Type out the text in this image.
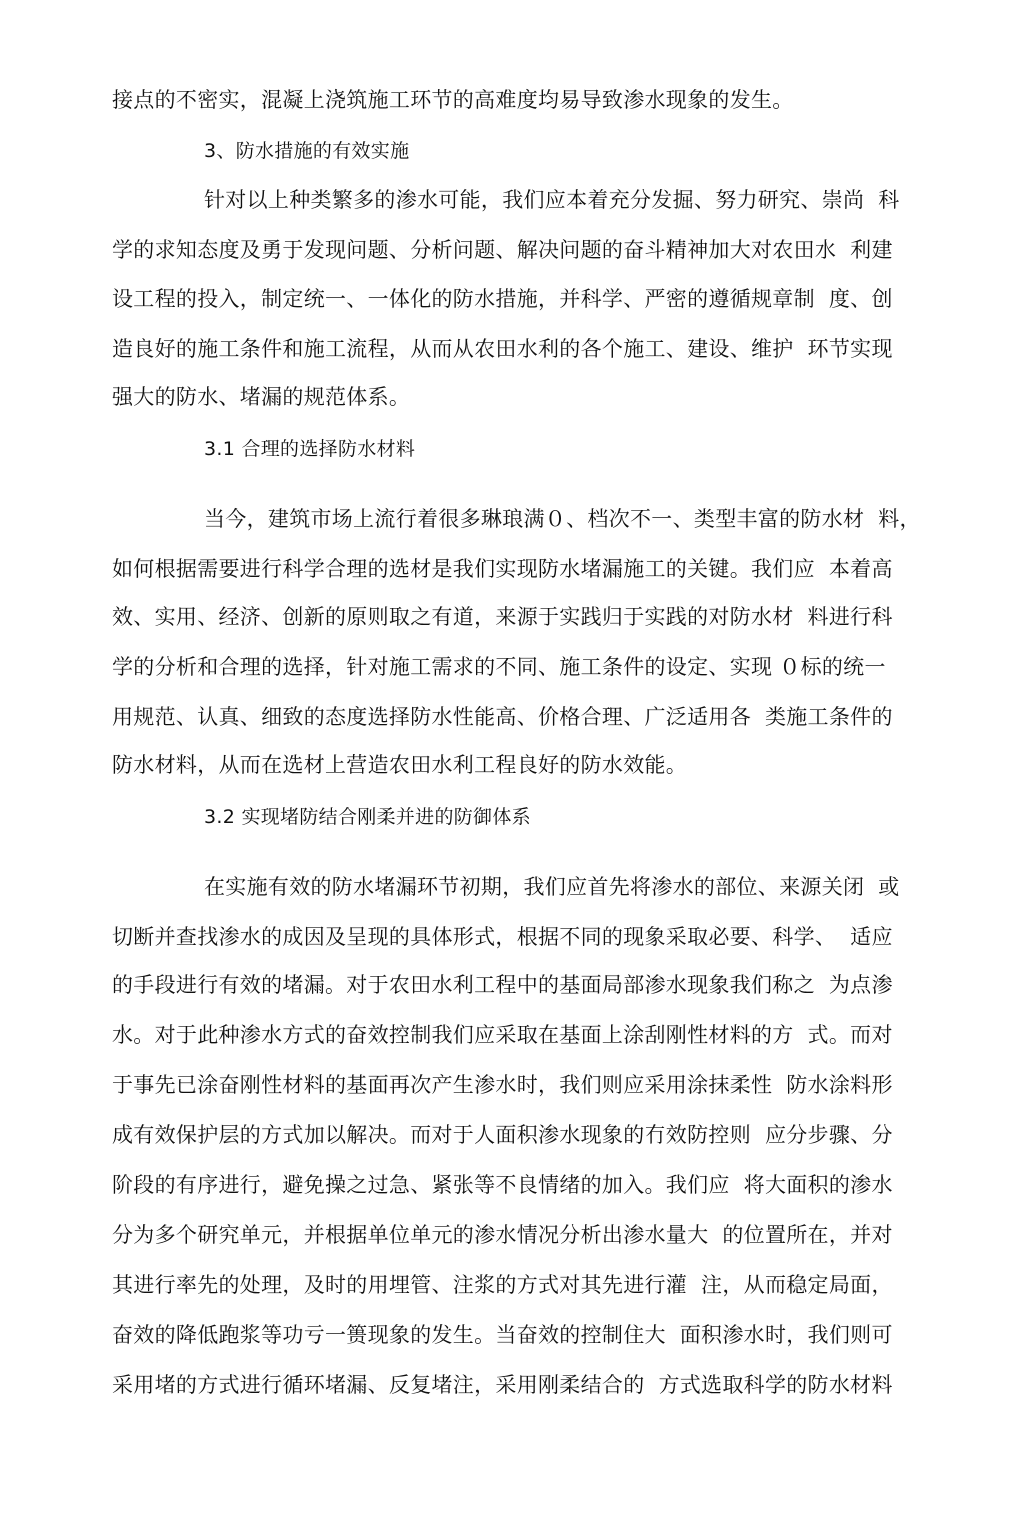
接点的不密实，混凝上浇筑施工环节的高难度均易导致渗水现象的发生。
3、防水措施的有效实施
针对以上种类繁多的渗水可能，我们应本着充分发掘、努力研究、崇尚  科
学的求知态度及勇于发现问题、分析问题、解决问题的奋斗精神加大对农田水  利建
设工程的投入，制定统一、一体化的防水措施，并科学、严密的遵循规章制  度、创
造良好的施工条件和施工流程，从而从农田水利的各个施工、建设、维护  环节实现
强大的防水、堵漏的规范体系。
3.1 合理的选择防水材料
当今，建筑市场上流行着很多琳琅满０、档次不一、类型丰富的防水材  料，
如何根据需要进行科学合理的选材是我们实现防水堵漏施工的关键。我们应  本着高
效、实用、经济、创新的原则取之有道，来源于实践归于实践的对防水材  料进行科
学的分析和合理的选择，针对施工需求的不同、施工条件的设定、实现 ０标的统一
用规范、认真、细致的态度选择防水性能高、价格合理、广泛适用各  类施工条件的
防水材料，从而在选材上营造农田水利工程良好的防水效能。
3.2 实现堵防结合刚柔并进的防御体系
在实施有效的防水堵漏环节初期，我们应首先将渗水的部位、来源关闭  或
切断并查找渗水的成因及呈现的具体形式，根据不同的现象采取必要、科学、  适应
的手段进行有效的堵漏。对于农田水利工程中的基面局部渗水现象我们称之  为点渗
水。对于此种渗水方式的奋效控制我们应采取在基面上涂刮刚性材料的方  式。而对
于事先已涂奋刚性材料的基面再次产生渗水时，我们则应采用涂抹柔性  防水涂料形
成有效保护层的方式加以解决。而对于人面积渗水现象的冇效防控则  应分步骤、分
阶段的有序进行，避免操之过急、紧张等不良情绪的加入。我们应  将大面积的渗水
分为多个研究单元，并根据单位单元的渗水情况分析出渗水量大  的位置所在，并对
其进行率先的处理，及时的用埋管、注浆的方式对其先进行灌  注，从而稳定局面，
奋效的降低跑浆等功亏一篑现象的发生。当奋效的控制住大  面积渗水时，我们则可
采用堵的方式进行循环堵漏、反复堵注，采用刚柔结合的  方式选取科学的防水材料
